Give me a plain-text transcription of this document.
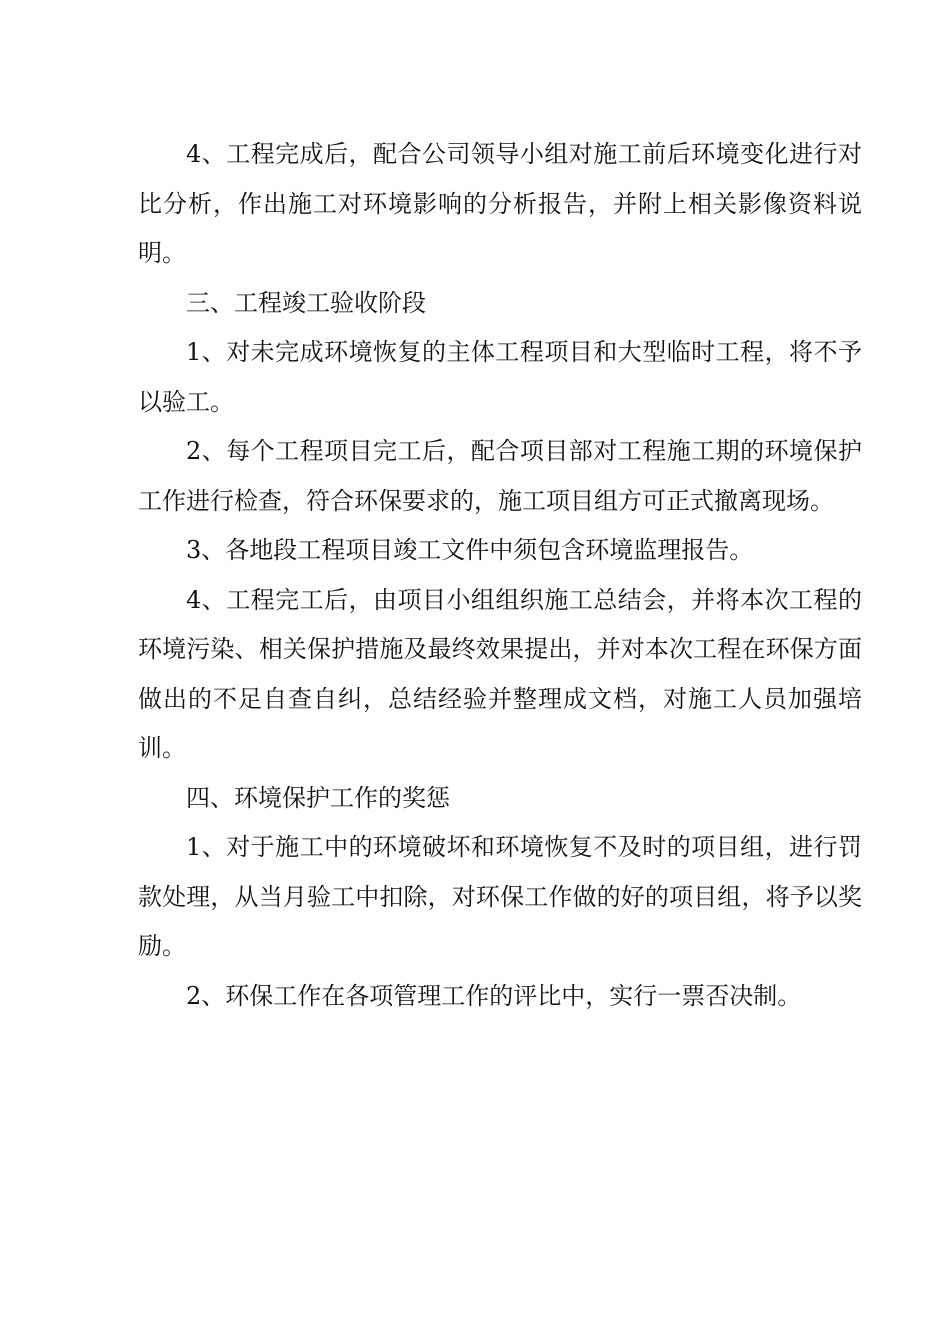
4、工程完成后，配合公司领导小组对施工前后环境变化进行对比分析，作出施工对环境影响的分析报告，并附上相关影像资料说明。

三、工程竣工验收阶段

1、对未完成环境恢复的主体工程项目和大型临时工程，将不予以验工。

2、每个工程项目完工后，配合项目部对工程施工期的环境保护工作进行检查，符合环保要求的，施工项目组方可正式撤离现场。

3、各地段工程项目竣工文件中须包含环境监理报告。

4、工程完工后，由项目小组组织施工总结会，并将本次工程的环境污染、相关保护措施及最终效果提出，并对本次工程在环保方面做出的不足自查自纠，总结经验并整理成文档，对施工人员加强培训。

四、环境保护工作的奖惩

1、对于施工中的环境破坏和环境恢复不及时的项目组，进行罚款处理，从当月验工中扣除，对环保工作做的好的项目组，将予以奖励。

2、环保工作在各项管理工作的评比中，实行一票否决制。
